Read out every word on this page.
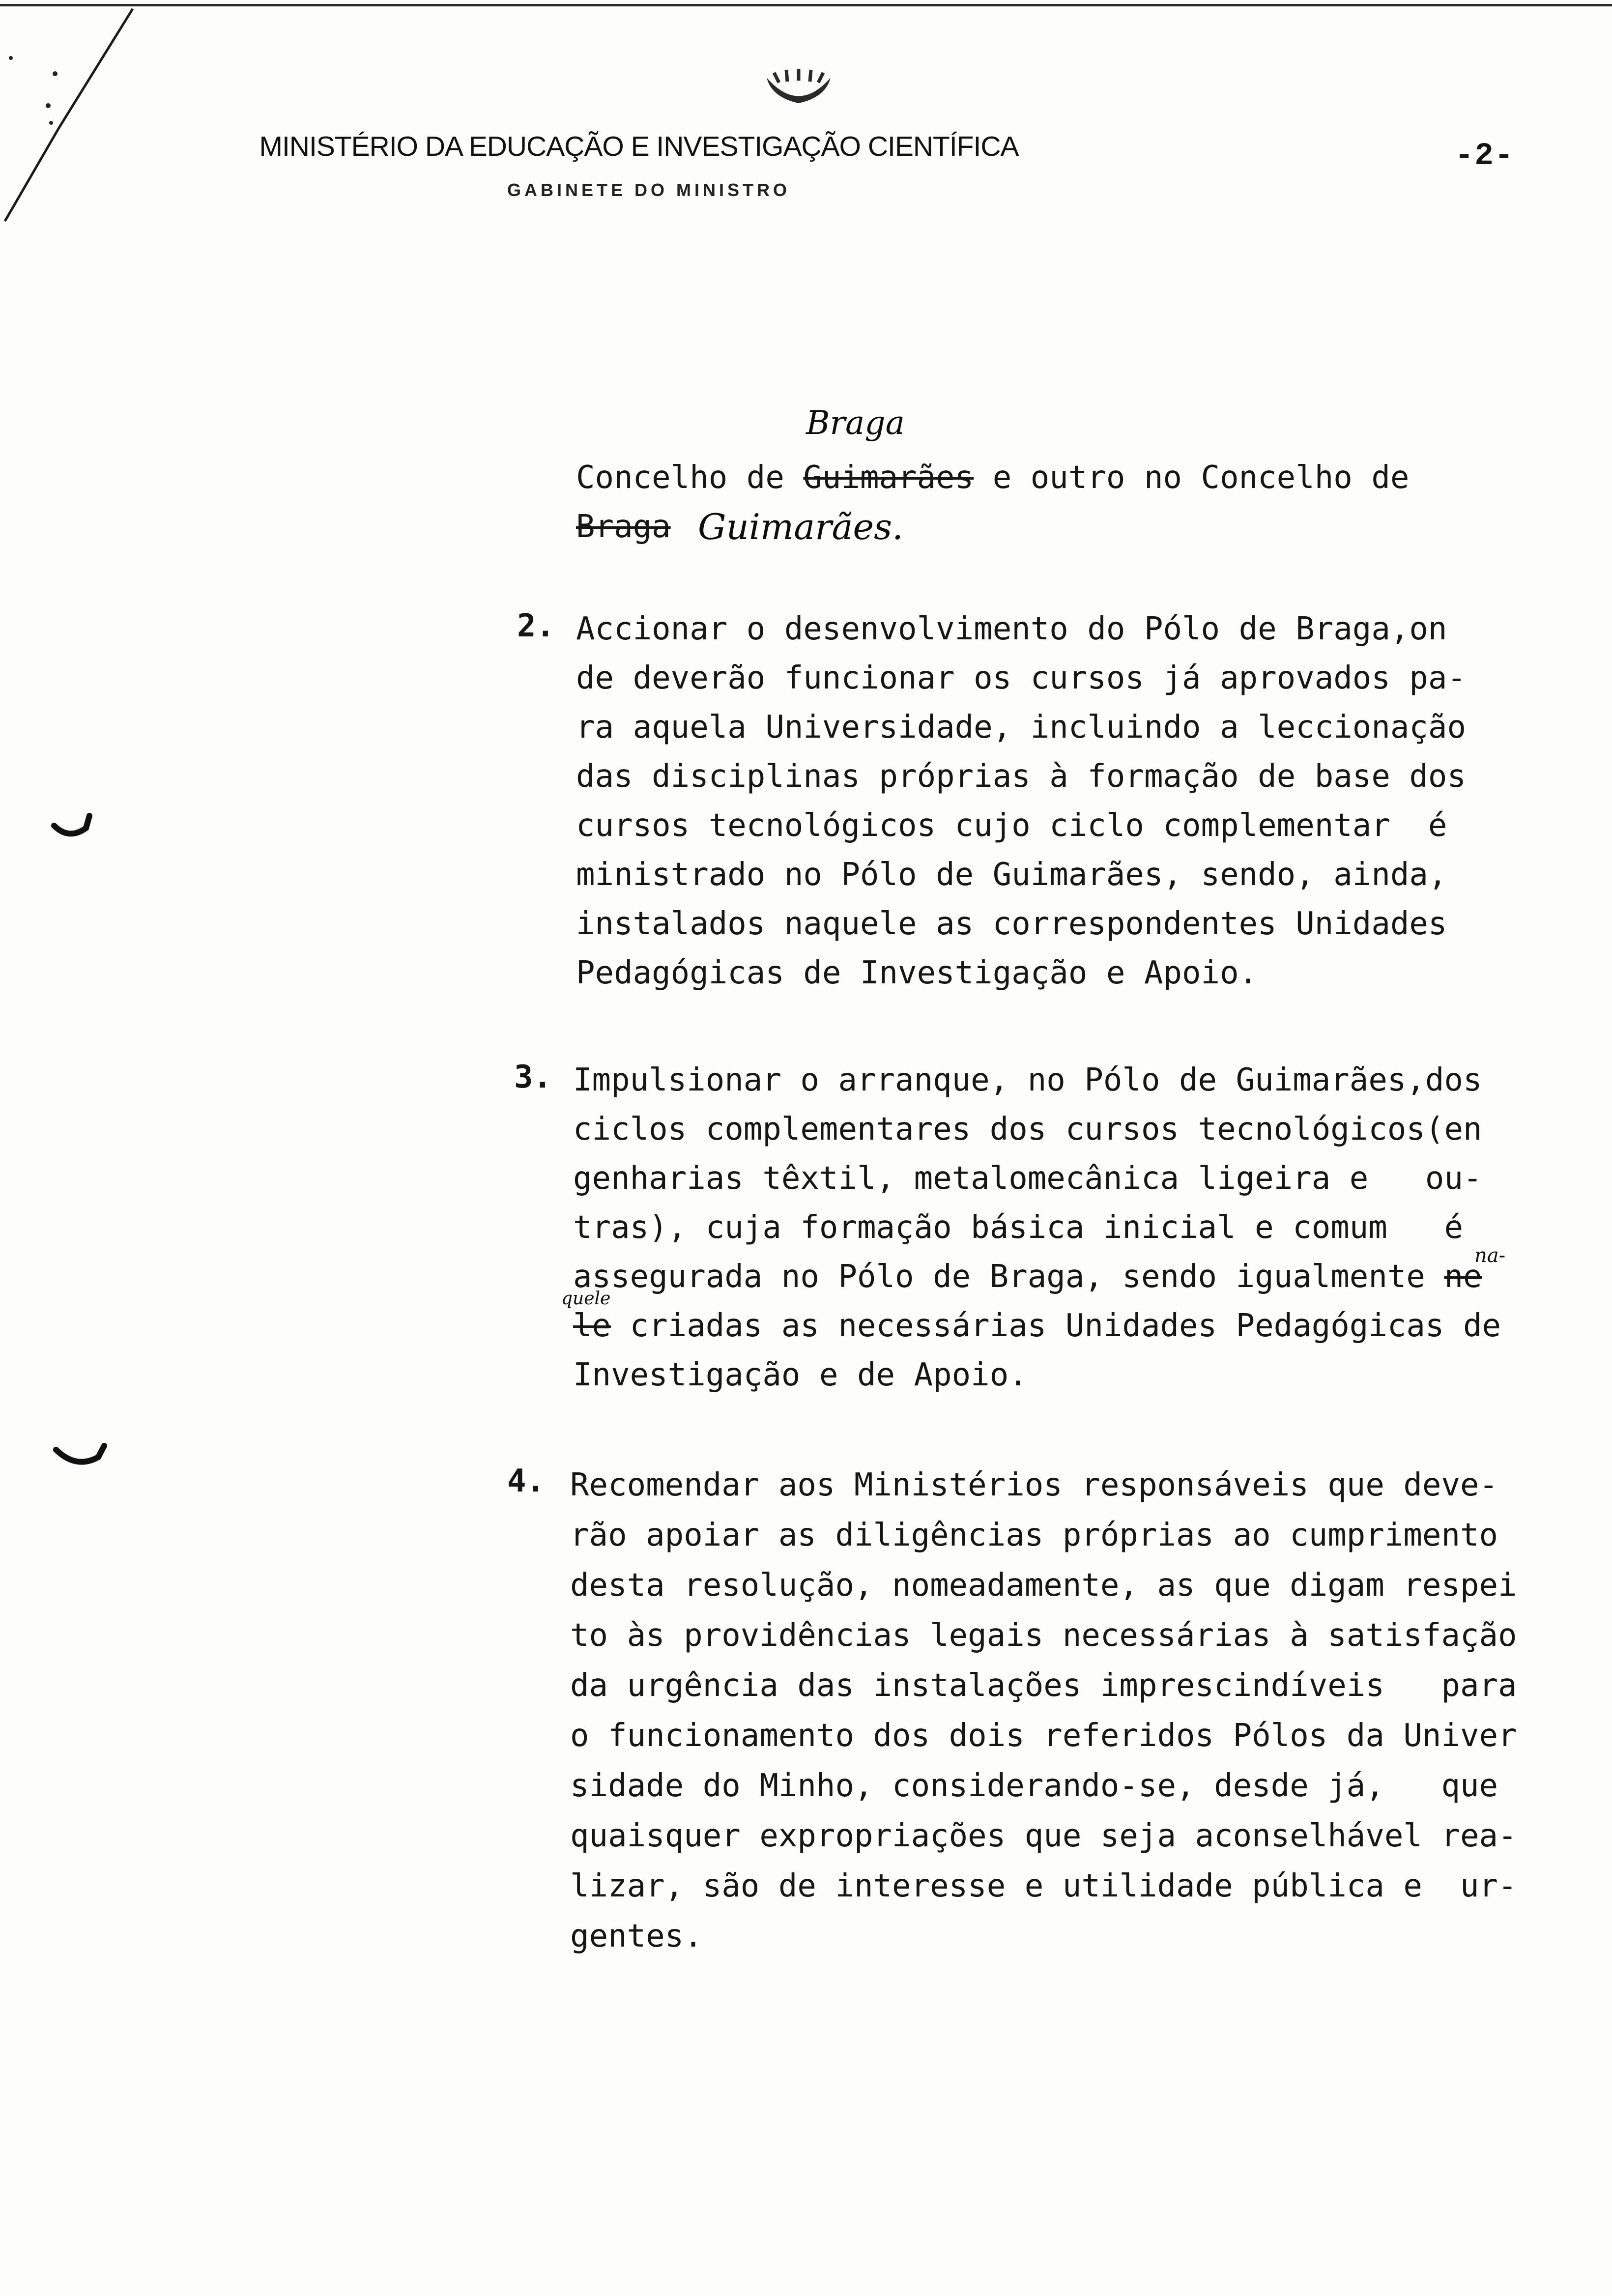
MINISTÉRIO DA EDUCAÇÃO E INVESTIGAÇÃO CIENTÍFICA
GABINETE DO MINISTRO
-2-
Braga
Concelho de Guimarães e outro no Concelho de
Braga Guimarães.
2. Accionar o desenvolvimento do Pólo de Braga,on
de deverão funcionar os cursos já aprovados pa-
ra aquela Universidade, incluindo a leccionação
das disciplinas próprias à formação de base dos
cursos tecnológicos cujo ciclo complementar  é
ministrado no Pólo de Guimarães, sendo, ainda,
instalados naquele as correspondentes Unidades
Pedagógicas de Investigação e Apoio.
3. Impulsionar o arranque, no Pólo de Guimarães,dos
ciclos complementares dos cursos tecnológicos(en
genharias têxtil, metalomecânica ligeira e   ou-
tras), cuja formação básica inicial e comum   é
assegurada no Pólo de Braga, sendo igualmente ne
na-
quele
le criadas as necessárias Unidades Pedagógicas de
Investigação e de Apoio.
4. Recomendar aos Ministérios responsáveis que deve-
rão apoiar as diligências próprias ao cumprimento
desta resolução, nomeadamente, as que digam respei
to às providências legais necessárias à satisfação
da urgência das instalações imprescindíveis   para
o funcionamento dos dois referidos Pólos da Univer
sidade do Minho, considerando-se, desde já,   que
quaisquer expropriações que seja aconselhável rea-
lizar, são de interesse e utilidade pública e  ur-
gentes.
